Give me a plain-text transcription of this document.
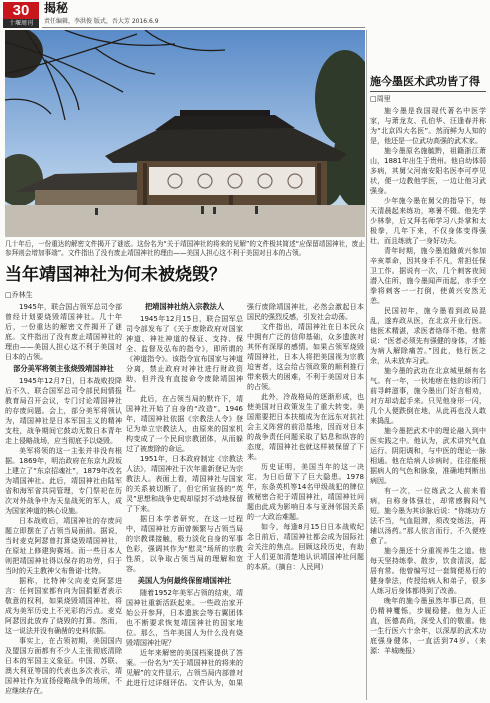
30
十堰周刊
揭秘
责任编辑，李洪俊 版式，吾大芳 2016.6.9
几十年后，一份重达的解密文件揭开了谜底。这份名为“关于靖国神社的将来的见解”的文件极其简述“应保留靖国神社，废止参拜则会增加事端”。文件指出了没有废止靖国神社的理由——美国人担心这不利于美国对日本的占领。
当年靖国神社为何未被烧毁？
□乔林生

1945年，联合国占领军总司令部曾经计划要烧毁靖国神社。几十年后，一份重达的解密文件揭开了谜底。文件指出了没有废止靖国神社的理由——美国人担心这不利于美国对日本的占领。

部分美军将领主张烧毁靖国神社

1945年12月7日，日本战败投降后不久，联合国军总司令部民间情报教育局召开会议，专门讨论靖国神社的存废问题。会上，部分美军将领认为，靖国神社是日本军国主义的精神支柱，战争期间它鼓动无数日本青年走上侵略战场，应当彻底予以烧毁。

美军将领的这一主张并非没有根据。1869年，明治政府在东京九段坂上建立了“东京招魂社”，1879年改名为靖国神社。此后，靖国神社由陆军省和海军省共同管理，专门祭祀在历次对外战争中为天皇战死的军人，成为国家神道的核心设施。

日本战败后，靖国神社的存废问题立即摆在了占领当局面前。据说，当时麦克阿瑟曾打算烧毁靖国神社，在原址上修建狗赛场。而一些日本人则把靖国神社得以保存的功劳，归于当时的天主教神父布鲁诺·比特。

据称，比特神父向麦克阿瑟进言：任何国家都有向为国捐躯者表示敬意的权利，如果烧毁靖国神社，将成为美军历史上不光彩的污点。麦克阿瑟因此放弃了烧毁的打算。然而，这一说法并没有确凿的史料依据。

事实上，在占领初期，美国国内及盟国方面都有不少人主张彻底清除日本的军国主义象征。中国、苏联、澳大利亚等国的代表也多次表示，靖国神社作为宣扬侵略战争的场所，不应继续存在。

把靖国神社纳入宗教法人

1945年12月15日，联合国军总司令部发布了《关于废除政府对国家神道、神社神道的保证、支持、保全、监督及弘布的指令》，即所谓的《神道指令》。该指令宣布国家与神道分离，禁止政府对神社进行财政资助，但并没有直接命令废除靖国神社。

此后，在占领当局的默许下，靖国神社开始了自身的“改造”。1946年，靖国神社依据《宗教法人令》登记为单立宗教法人，由原来的国家机构变成了一个民间宗教团体，从而躲过了被废除的命运。

1951年，日本政府制定《宗教法人法》，靖国神社于次年重新登记为宗教法人。表面上看，靖国神社与国家的关系被切断了，但它所宣扬的“英灵”思想和战争史观却原封不动地保留了下来。

据日本学者研究，在这一过程中，靖国神社方面曾频繁与占领当局的宗教课接触，极力淡化自身的军事色彩，强调其作为“慰灵”场所的宗教性质，以争取占领当局的理解和宽容。

美国人为何最终保留靖国神社

随着1952年美军占领的结束，靖国神社重新活跃起来。一些政治家开始公开参拜，日本遗族会等右翼团体也不断要求恢复靖国神社的国家地位。那么，当年美国人为什么没有烧毁靖国神社呢？

近年来解密的美国档案提供了答案。一份名为“关于靖国神社的将来的见解”的文件显示，占领当局内部曾对此进行过详细评估。文件认为，如果强行废除靖国神社，必然会激起日本国民的强烈反感，引发社会动荡。

文件指出，靖国神社在日本民众中拥有广泛的信仰基础，众多遗族对其怀有深厚的感情。如果占领军烧毁靖国神社，日本人将把美国视为宗教迫害者，这会给占领政策的顺利推行带来极大的困难，不利于美国对日本的占领。

此外，冷战格局的逐渐形成，也使美国对日政策发生了重大转变。美国需要把日本扶植成为在远东对抗社会主义阵营的前沿基地，因而对日本的战争责任问题采取了姑息和纵容的态度，靖国神社也就这样被保留了下来。

历史证明，美国当年的这一决定，为日后留下了巨大隐患。1978年，东条英机等14名甲级战犯的牌位被秘密合祀于靖国神社，靖国神社问题由此成为影响日本与亚洲邻国关系的一大政治难题。

如今，每逢8月15日日本战败纪念日前后，靖国神社都会成为国际社会关注的焦点。回顾这段历史，有助于人们更加清楚地认识靖国神社问题的本质。（摘自：人民网）

施今墨医术武功皆了得
□周里

施今墨是我国现代著名中医学家，与萧龙友、孔伯华、汪逢春并称为“北京四大名医”。然而鲜为人知的是，他还是一位武功高强的武术家。

施今墨原名施毓黔，祖籍浙江萧山，1881年出生于贵州。他自幼体弱多病，其舅父河南安阳名医李可亭见状，便一边教他学医，一边让他习武强身。

少年施今墨在舅父的指导下，每天清晨起来练功，寒暑不辍。他先学少林拳，后又拜名师学习八卦掌和太极拳，几年下来，不仅身体变得强壮，而且练就了一身好功夫。

青年时期，施今墨追随黄兴参加辛亥革命，因其身手不凡，常担任保卫工作。据说有一次，几个刺客夜间潜入住所，施今墨闻声而起，赤手空拳将刺客一一打倒，使黄兴安然无恙。

民国初年，施今墨看到政局混乱，遂弃政从医，在北京开业行医。他医术精湛，求医者络绎不绝。他常说：“医者必须先有强健的身体，才能为病人解除痛苦。”因此，他行医之余，从未放弃习武。

施今墨的武功在北京城里颇有名气。有一年，一伙地痞在他的诊所门前寻衅滋事，施今墨出门好言相劝，对方却动起手来。只见他身形一闪，几个人便跌倒在地，从此再也没人敢来捣乱。

施今墨把武术中的理论融入到中医实践之中。他认为，武术讲究气血运行、阴阳调和，与中医的理论一脉相通。他在给病人诊病时，往往能根据病人的气色和脉象，准确地判断出病因。

有一次，一位练武之人前来看病，自称身体强壮，却常感胸闷气短。施今墨为其诊脉后说：“你练功方法不当，气血阻滞，须改变练法，再辅以汤药。”那人依言而行，不久便痊愈了。

施今墨还十分重视养生之道。他每天坚持练拳、散步，饮食清淡，起居有常。他曾编写过一套简便易行的健身拳法，传授给病人和弟子，很多人练习后身体都得到了改善。

晚年的施今墨虽然年事已高，但仍精神矍铄，步履稳健。他为人正直，医德高尚，深受人们的敬重。他一生行医六十余年，以深厚的武术功底强身健体，一直活到74岁。（来源：羊城晚报）
